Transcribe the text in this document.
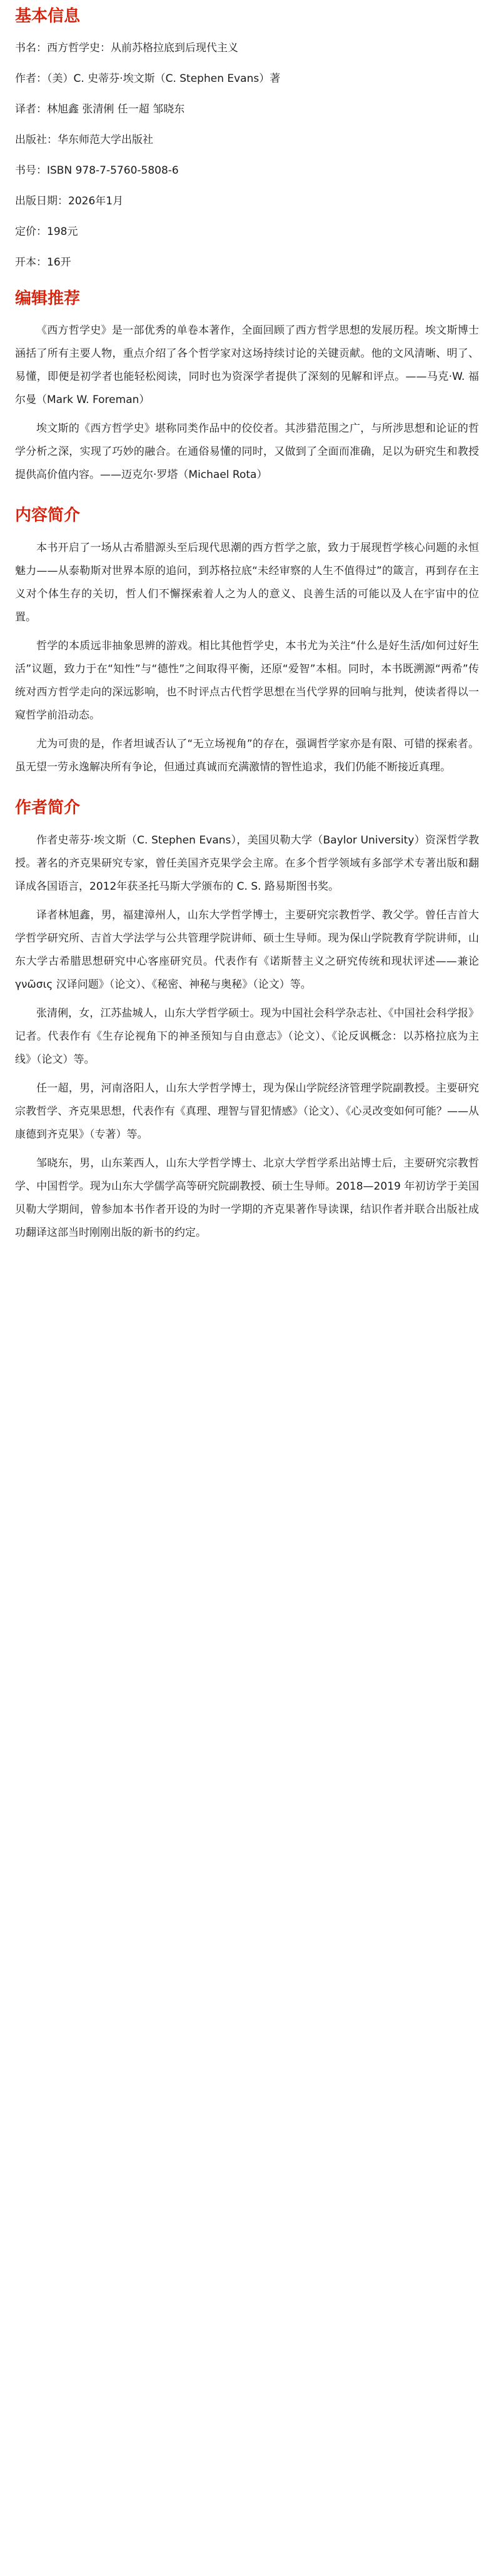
基本信息
书名：西方哲学史：从前苏格拉底到后现代主义
作者：（美）C. 史蒂芬·埃文斯（C. Stephen Evans）著
译者：林旭鑫 张清俐 任一超 邹晓东
出版社：华东师范大学出版社
书号：ISBN 978-7-5760-5808-6
出版日期：2026年1月
定价：198元
开本：16开
编辑推荐

《西方哲学史》是一部优秀的单卷本著作，全面回顾了西方哲学思想的发展历程。埃文斯博士涵括了所有主要人物，重点介绍了各个哲学家对这场持续讨论的关键贡献。他的文风清晰、明了、易懂，即便是初学者也能轻松阅读，同时也为资深学者提供了深刻的见解和评点。——马克·W. 福尔曼（Mark W. Foreman）

埃文斯的《西方哲学史》堪称同类作品中的佼佼者。其涉猎范围之广，与所涉思想和论证的哲学分析之深，实现了巧妙的融合。在通俗易懂的同时，又做到了全面而准确，足以为研究生和教授提供高价值内容。——迈克尔·罗塔（Michael Rota）

内容简介

本书开启了一场从古希腊源头至后现代思潮的西方哲学之旅，致力于展现哲学核心问题的永恒魅力——从泰勒斯对世界本原的追问，到苏格拉底“未经审察的人生不值得过”的箴言，再到存在主义对个体生存的关切，哲人们不懈探索着人之为人的意义、良善生活的可能以及人在宇宙中的位置。

哲学的本质远非抽象思辨的游戏。相比其他哲学史，本书尤为关注“什么是好生活/如何过好生活”议题，致力于在“知性”与“德性”之间取得平衡，还原“爱智”本相。同时，本书既溯源“两希”传统对西方哲学走向的深远影响，也不时评点古代哲学思想在当代学界的回响与批判，使读者得以一窥哲学前沿动态。

尤为可贵的是，作者坦诚否认了“无立场视角”的存在，强调哲学家亦是有限、可错的探索者。虽无望一劳永逸解决所有争论，但通过真诚而充满激情的智性追求，我们仍能不断接近真理。

作者简介

作者史蒂芬·埃文斯（C. Stephen Evans），美国贝勒大学（Baylor University）资深哲学教授。著名的齐克果研究专家，曾任美国齐克果学会主席。在多个哲学领域有多部学术专著出版和翻译成各国语言，2012年获圣托马斯大学颁布的 C. S. 路易斯图书奖。

译者林旭鑫，男，福建漳州人，山东大学哲学博士，主要研究宗教哲学、教父学。曾任吉首大学哲学研究所、吉首大学法学与公共管理学院讲师、硕士生导师。现为保山学院教育学院讲师，山东大学古希腊思想研究中心客座研究员。代表作有《诺斯替主义之研究传统和现状评述——兼论 γνῶσις 汉译问题》（论文）、《秘密、神秘与奥秘》（论文）等。

张清俐，女，江苏盐城人，山东大学哲学硕士。现为中国社会科学杂志社、《中国社会科学报》记者。代表作有《生存论视角下的神圣预知与自由意志》（论文）、《论反讽概念：以苏格拉底为主线》（论文）等。

任一超，男，河南洛阳人，山东大学哲学博士，现为保山学院经济管理学院副教授。主要研究宗教哲学、齐克果思想，代表作有《真理、理智与冒犯情感》（论文）、《心灵改变如何可能？——从康德到齐克果》（专著）等。

邹晓东，男，山东莱西人，山东大学哲学博士、北京大学哲学系出站博士后，主要研究宗教哲学、中国哲学。现为山东大学儒学高等研究院副教授、硕士生导师。2018—2019 年初访学于美国贝勒大学期间，曾参加本书作者开设的为时一学期的齐克果著作导读课，结识作者并联合出版社成功翻译这部当时刚刚出版的新书的约定。
